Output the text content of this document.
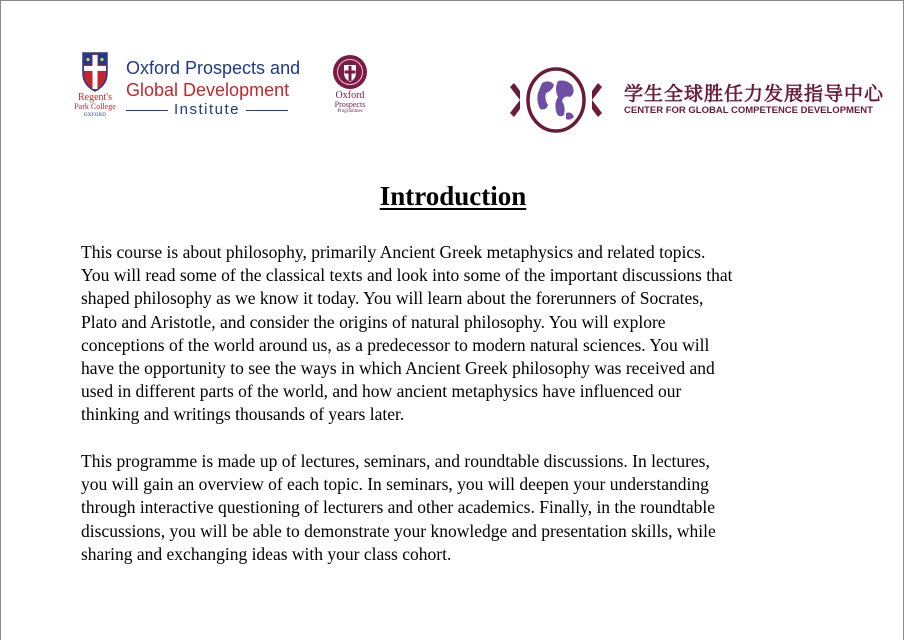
Regent's
Park College
OXFORD
Oxford Prospects and
Global Development
Institute
Oxford
Prospects
Programmes
学生全球胜任力发展指导中心
CENTER FOR GLOBAL COMPETENCE DEVELOPMENT
Introduction
This course is about philosophy, primarily Ancient Greek metaphysics and related topics.
You will read some of the classical texts and look into some of the important discussions that
shaped philosophy as we know it today. You will learn about the forerunners of Socrates,
Plato and Aristotle, and consider the origins of natural philosophy. You will explore
conceptions of the world around us, as a predecessor to modern natural sciences. You will
have the opportunity to see the ways in which Ancient Greek philosophy was received and
used in different parts of the world, and how ancient metaphysics have influenced our
thinking and writings thousands of years later.
This programme is made up of lectures, seminars, and roundtable discussions. In lectures,
you will gain an overview of each topic. In seminars, you will deepen your understanding
through interactive questioning of lecturers and other academics. Finally, in the roundtable
discussions, you will be able to demonstrate your knowledge and presentation skills, while
sharing and exchanging ideas with your class cohort.
